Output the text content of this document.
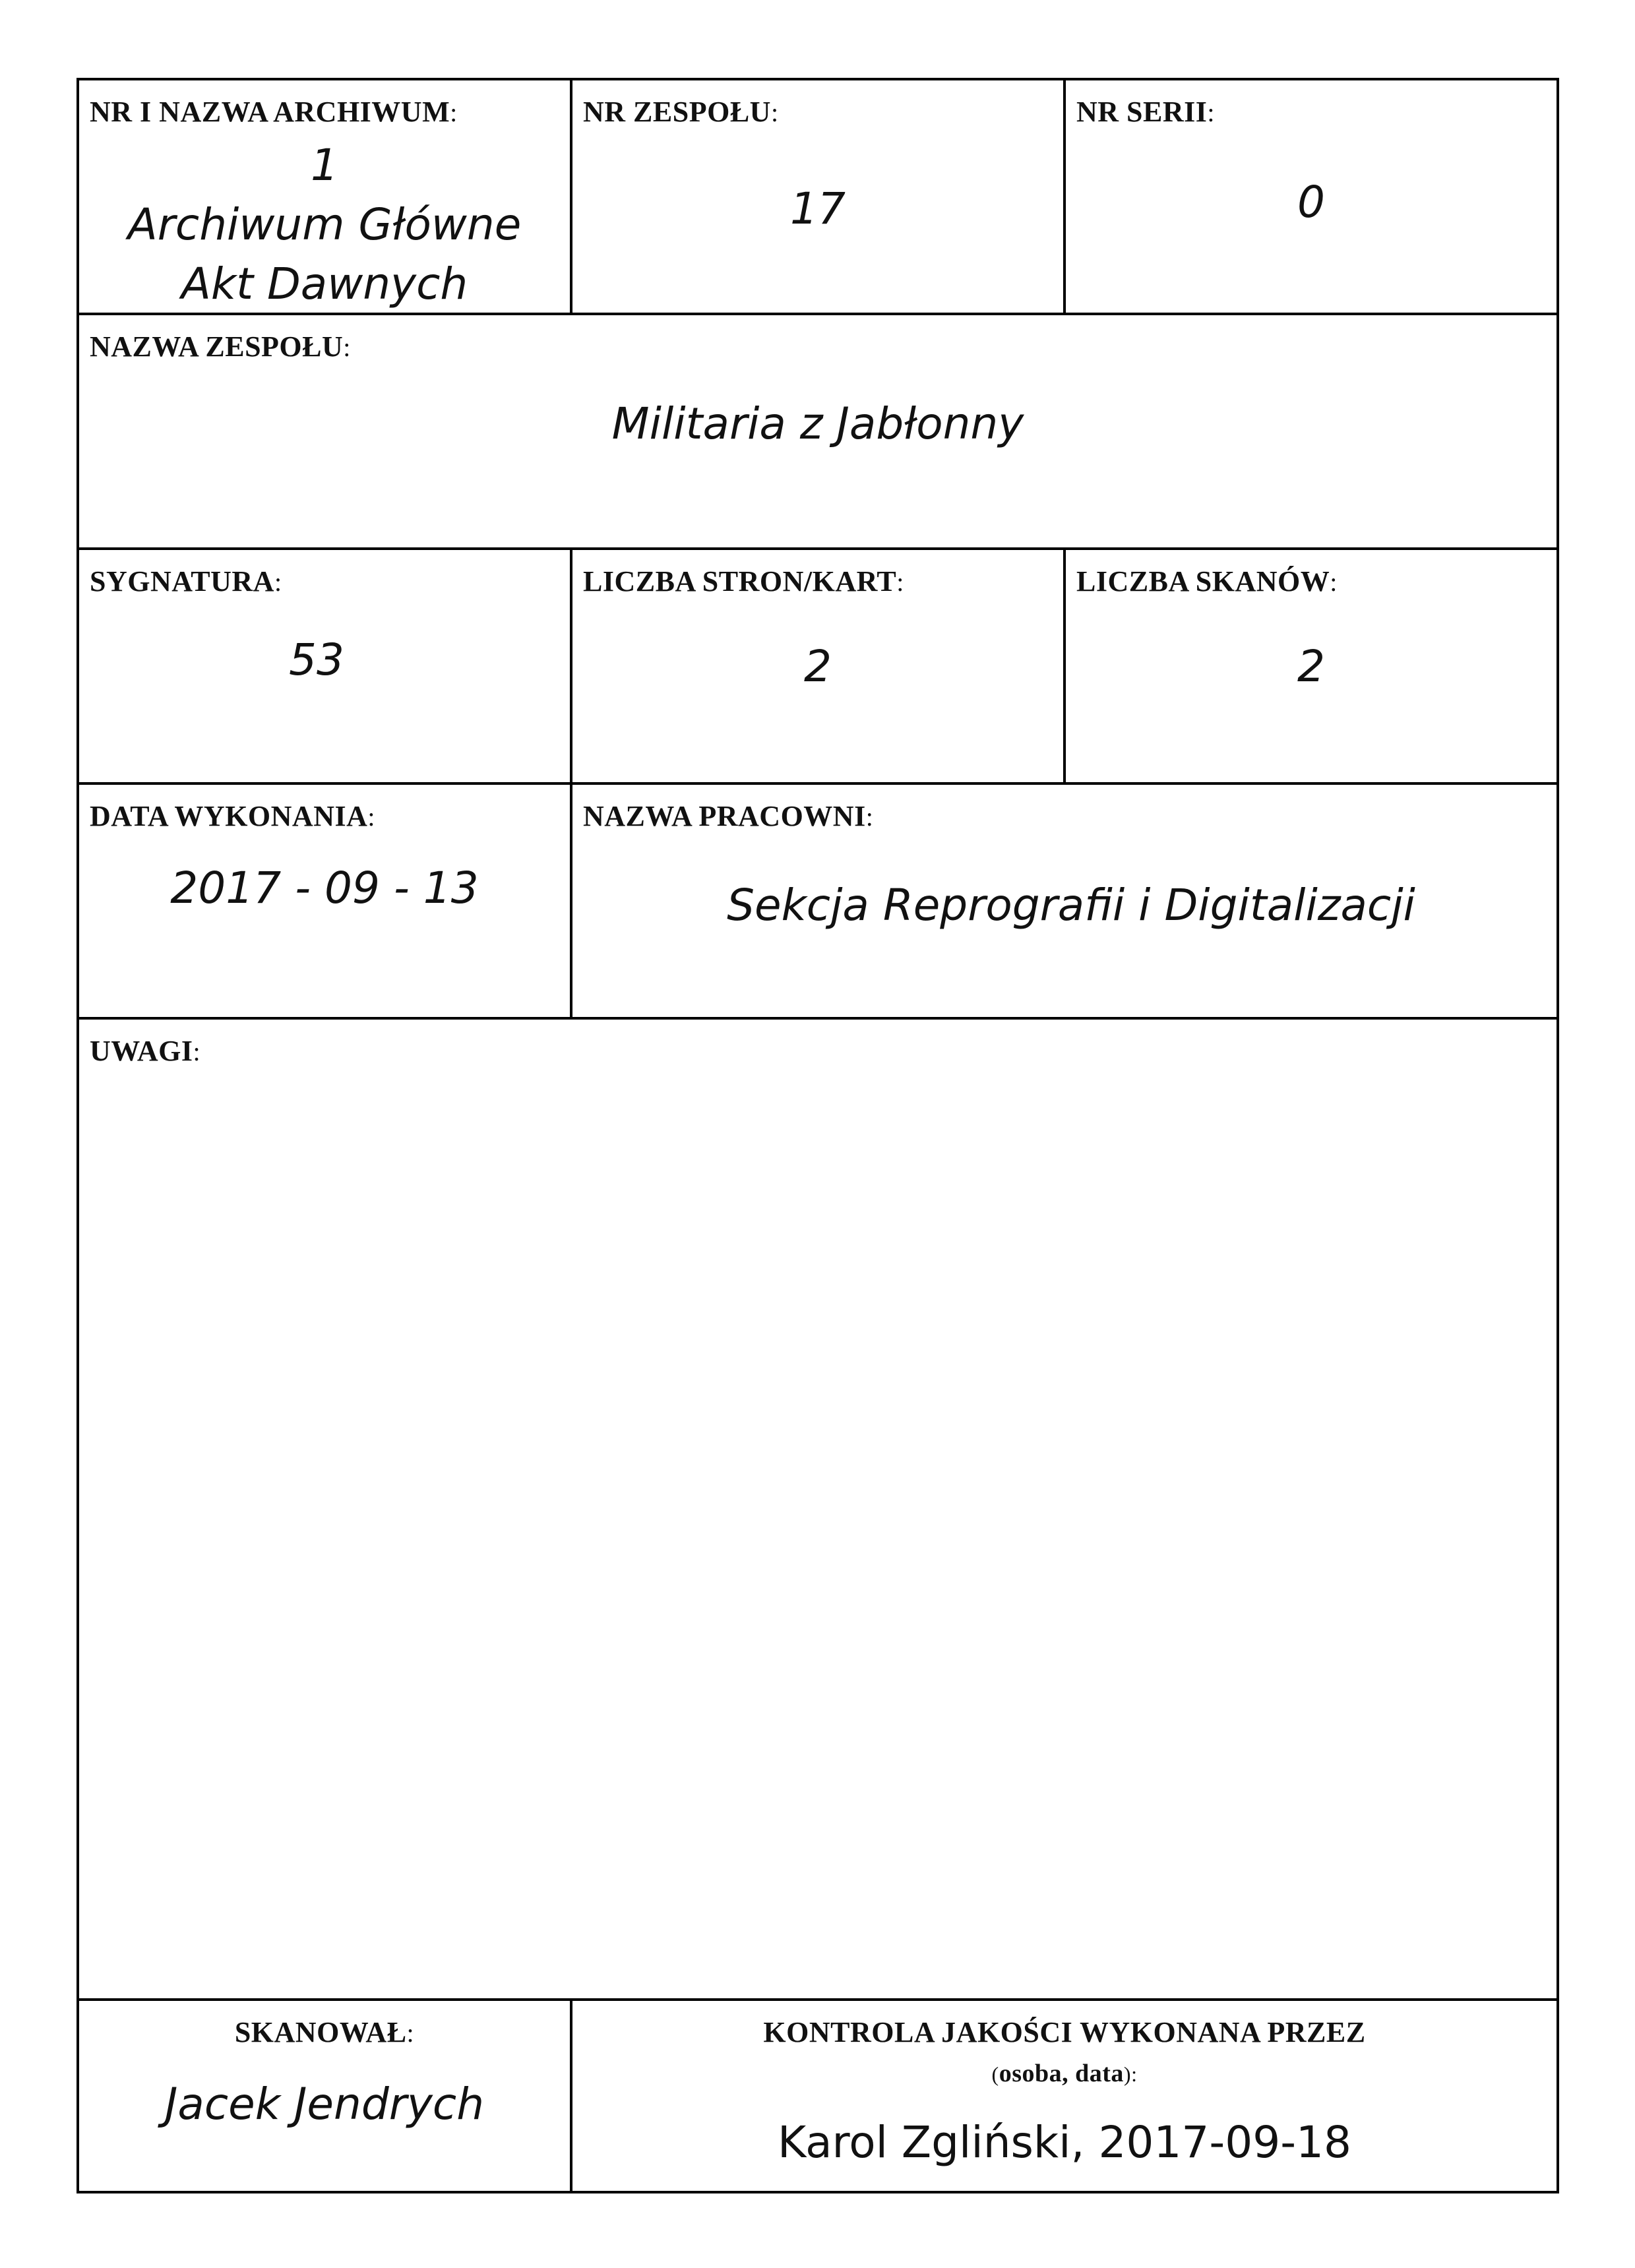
NR I NAZWA ARCHIWUM:
1
Archiwum Główne
Akt Dawnych
NR ZESPOŁU:
17
NR SERII:
0
NAZWA ZESPOŁU:
Militaria z Jabłonny
SYGNATURA:
53
LICZBA STRON/KART:
2
LICZBA SKANÓW:
2
DATA WYKONANIA:
2017 - 09 - 13
NAZWA PRACOWNI:
Sekcja Reprografii i Digitalizacji
UWAGI:
SKANOWAŁ:
Jacek Jendrych
KONTROLA JAKOŚCI WYKONANA PRZEZ
(osoba, data):
Karol Zgliński, 2017-09-18
